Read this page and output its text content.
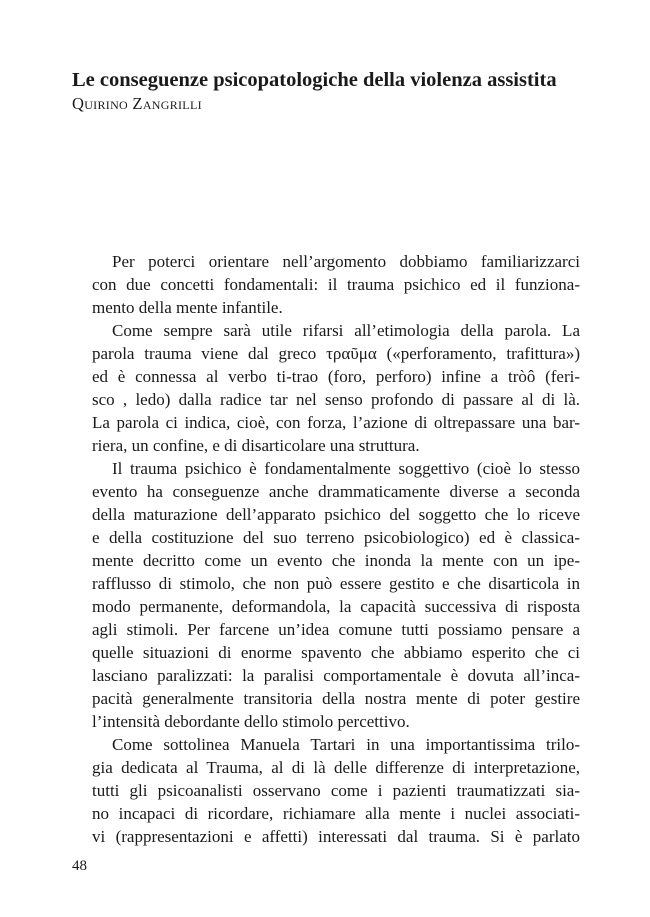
Le conseguenze psicopatologiche della violenza assistita

Quirino Zangrilli

Per poterci orientare nell’argomento dobbiamo familiarizzarci
con due concetti fondamentali: il trauma psichico ed il funziona-
mento della mente infantile.
Come sempre sarà utile rifarsi all’etimologia della parola. La
parola trauma viene dal greco τραῦμα («perforamento, trafittura»)
ed è connessa al verbo ti-trao (foro, perforo) infine a tròô (feri-
sco , ledo) dalla radice tar nel senso profondo di passare al di là.
La parola ci indica, cioè, con forza, l’azione di oltrepassare una bar-
riera, un confine, e di disarticolare una struttura.
Il trauma psichico è fondamentalmente soggettivo (cioè lo stesso
evento ha conseguenze anche drammaticamente diverse a seconda
della maturazione dell’apparato psichico del soggetto che lo riceve
e della costituzione del suo terreno psicobiologico) ed è classica-
mente decritto come un evento che inonda la mente con un ipe-
rafflusso di stimolo, che non può essere gestito e che disarticola in
modo permanente, deformandola, la capacità successiva di risposta
agli stimoli. Per farcene un’idea comune tutti possiamo pensare a
quelle situazioni di enorme spavento che abbiamo esperito che ci
lasciano paralizzati: la paralisi comportamentale è dovuta all’inca-
pacità generalmente transitoria della nostra mente di poter gestire
l’intensità debordante dello stimolo percettivo.
Come sottolinea Manuela Tartari in una importantissima trilo-
gia dedicata al Trauma, al di là delle differenze di interpretazione,
tutti gli psicoanalisti osservano come i pazienti traumatizzati sia-
no incapaci di ricordare, richiamare alla mente i nuclei associati-
vi (rappresentazioni e affetti) interessati dal trauma. Si è parlato

48
